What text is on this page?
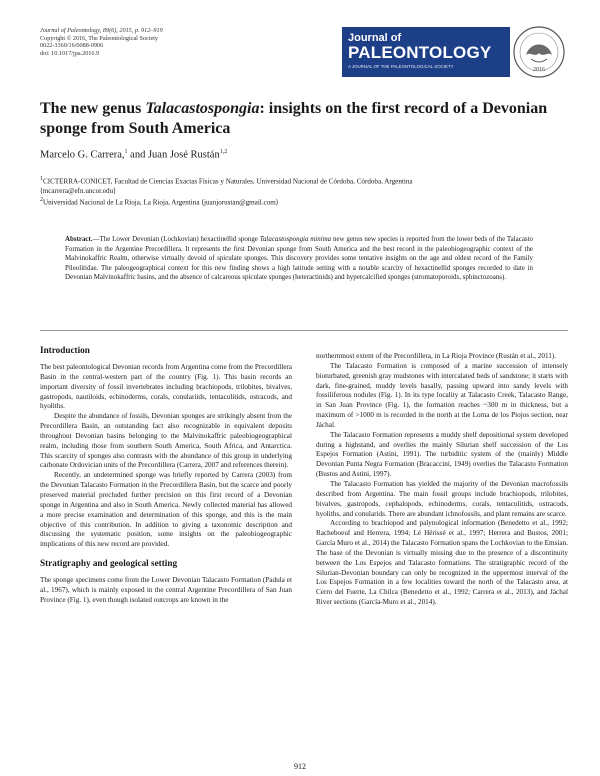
Journal of Paleontology, 89(6), 2015, p. 912–919
Copyright © 2016, The Paleontological Society
0022-3360/16/0088-0906
doi: 10.1017/jpa.2016.9
Journal of
PALEONTOLOGY
A JOURNAL OF THE PALEONTOLOGICAL SOCIETY
2016
The new genus Talacastospongia: insights on the first record of a Devonian sponge from South America
Marcelo G. Carrera,$^1$ and Juan José Rustán$^{1,2}$
$^1$CICTERRA-CONICET, Facultad de Ciencias Exactas Físicas y Naturales, Universidad Nacional de Córdoba, Córdoba, Argentina
⟨mcarrera@efn.uncor.edu⟩
$^2$Universidad Nacional de La Rioja, La Rioja, Argentina ⟨juanjorustan@gmail.com⟩

Abstract.—The Lower Devonian (Lochkovian) hexactinellid sponge Talacastospongia minima new genus new species is reported from the lower beds of the Talacasto Formation in the Argentine Precordillera. It represents the first Devonian sponge from South America and the best record in the paleobiogeographic context of the Malvinokaffric Realm, otherwise virtually devoid of spiculate sponges. This discovery provides some tentative insights on the age and oldest record of the Family Pileolitidae. The paleogeographical context for this new finding shows a high latitude setting with a notable scarcity of hexactinellid sponges recorded to date in Devonian Malvinokaffric basins, and the absence of calcareous spiculate sponges (heteractinids) and hypercalcified sponges (stromatoporoids, sphinctozoans).

Introduction

The best paleontological Devonian records from Argentina come from the Precordillera Basin in the central-western part of the country (Fig. 1). This basin records an important diversity of fossil invertebrates including brachiopods, trilobites, bivalves, gastropods, nautiloids, echinoderms, corals, conulariids, tentaculitids, ostracods, and hyoliths.

Despite the abundance of fossils, Devonian sponges are strikingly absent from the Precordillera Basin, an outstanding fact also recognizable in equivalent deposits throughout Devonian basins belonging to the Malvinokaffric paleobiogeographical realm, including those from southern South America, South Africa, and Antarctica. This scarcity of sponges also contrasts with the abundance of this group in underlying carbonate Ordovician units of the Precordillera (Carrera, 2007 and references therein).

Recently, an undetermined sponge was briefly reported by Carrera (2003) from the Devonian Talacasto Formation in the Precordillera Basin, but the scarce and poorly preserved material precluded further precision on this first record of a Devonian sponge in Argentina and also in South America. Newly collected material has allowed a more precise examination and determination of this sponge, and this is the main objective of this contribution. In addition to giving a taxonomic description and discussing the systematic position, some insights on the paleobiogeographic implications of this new record are provided.

Stratigraphy and geological setting

The sponge specimens come from the Lower Devonian Talacasto Formation (Padula et al., 1967), which is mainly exposed in the central Argentine Precordillera of San Juan Province (Fig. 1), even though isolated outcrops are known in the

northernmost extent of the Precordillera, in La Rioja Province (Rustán et al., 2011).

The Talacasto Formation is composed of a marine succession of intensely bioturbated, greenish gray mudstones with intercalated beds of sandstone; it starts with dark, fine-grained, muddy levels basally, passing upward into sandy levels with fossiliferous nodules (Fig. 1). In its type locality at Talacasto Creek, Talacasto Range, in San Juan Province (Fig. 1), the formation reaches ~300 m in thickness, but a maximum of >1000 m is recorded in the north at the Loma de los Piojos section, near Jáchal.

The Talacasto Formation represents a muddy shelf depositional system developed during a highstand, and overlies the mainly Silurian shelf succession of the Los Espejos Formation (Astini, 1991). The turbiditic system of the (mainly) Middle Devonian Punta Negra Formation (Bracaccini, 1949) overlies the Talacasto Formation (Bustos and Astini, 1997).

The Talacasto Formation has yielded the majority of the Devonian macrofossils described from Argentina. The main fossil groups include brachiopods, trilobites, bivalves, gastropods, cephalopods, echinoderms, corals, tentaculitids, ostracods, hyoliths, and conularids. There are abundant ichnofossils, and plant remains are scarce.

According to brachiopod and palynological information (Benedetto et al., 1992; Racheboeuf and Herrera, 1994; Lé Hérissé et al., 1997; Herrera and Bustos, 2001; García Muro et al., 2014) the Talacasto Formation spans the Lochkovian to the Emsian. The base of the Devonian is virtually missing due to the presence of a discontinuity between the Los Espejos and Talacasto formations. The stratigraphic record of the Silurian-Devonian boundary can only be recognized in the uppermost interval of the Los Espejos Formation in a few localities toward the north of the Talacasto area, at Cerro del Fuerte, La Chilca (Benedetto et al., 1992; Carrera et al., 2013), and Jáchal River sections (García-Muro et al., 2014).

912
